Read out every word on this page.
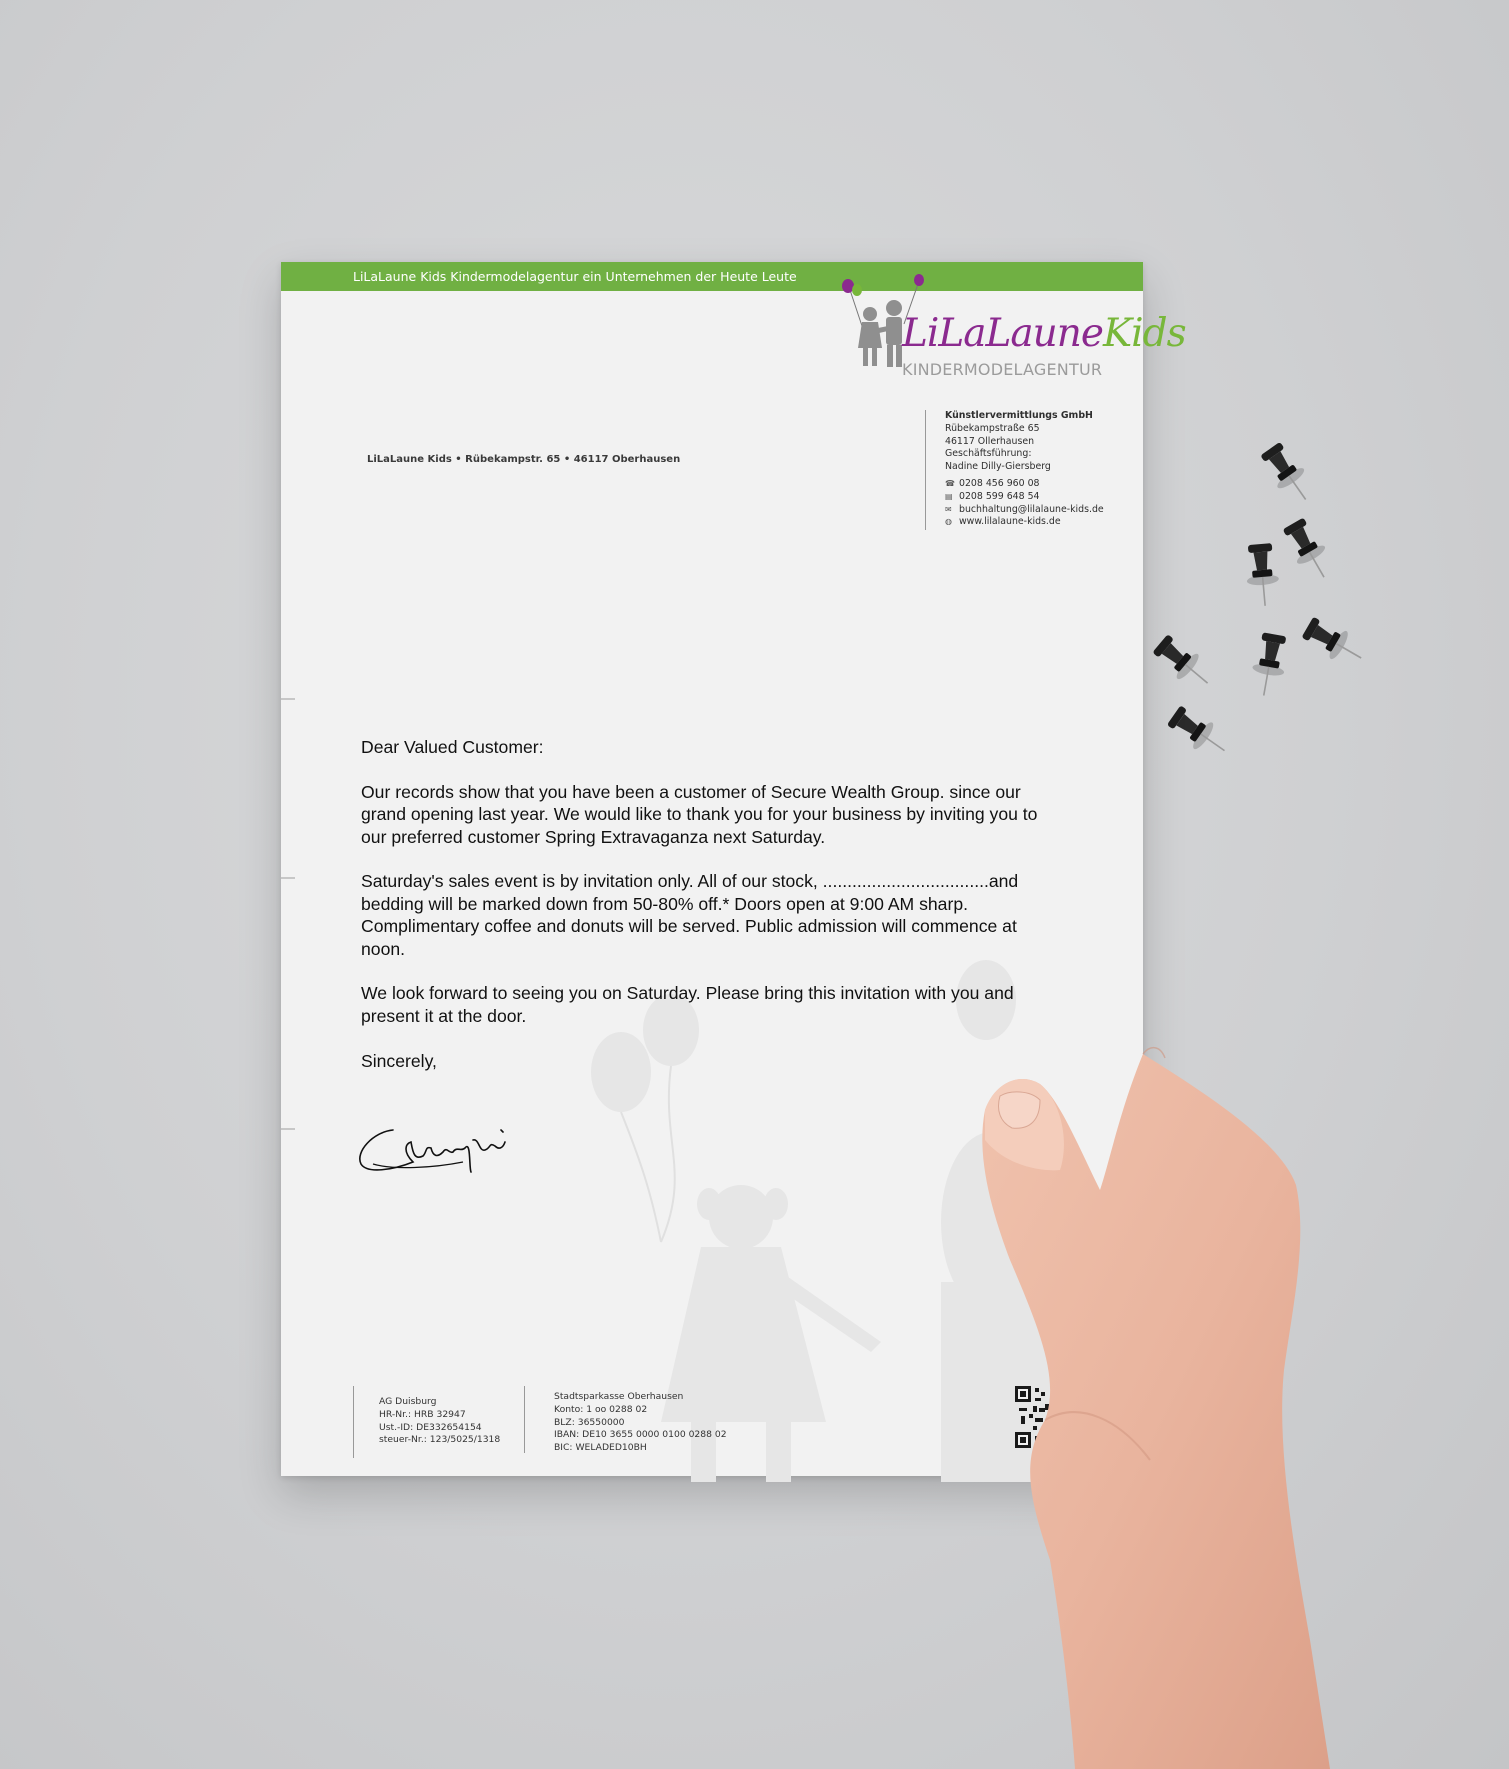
LiLaLaune Kids Kindermodelagentur ein Unternehmen der Heute Leute
LiLaLauneKids
KINDERMODELAGENTUR
LiLaLaune Kids • Rübekampstr. 65 • 46117 Oberhausen
Künstlervermittlungs GmbH
Rübekampstraße 65
46117 Ollerhausen
Geschäftsführung:
Nadine Dilly-Giersberg
☎ 0208 456 960 08
▤ 0208 599 648 54
✉ buchhaltung@lilalaune-kids.de
◍ www.lilalaune-kids.de

Dear Valued Customer:

Our records show that you have been a customer of Secure Wealth Group. since our grand opening last year. We would like to thank you for your business by inviting you to our preferred customer Spring Extravaganza next Saturday.

Saturday's sales event is by invitation only. All of our stock, ..................................and bedding will be marked down from 50-80% off.* Doors open at 9:00 AM sharp. Complimentary coffee and donuts will be served. Public admission will commence at noon.

We look forward to seeing you on Saturday. Please bring this invitation with you and present it at the door.

Sincerely,

AG Duisburg
HR-Nr.: HRB 32947
Ust.-ID: DE332654154
steuer-Nr.: 123/5025/1318
Stadtsparkasse Oberhausen
Konto: 1 oo 0288 02
BLZ: 36550000
IBAN: DE10 3655 0000 0100 0288 02
BIC: WELADED10BH
